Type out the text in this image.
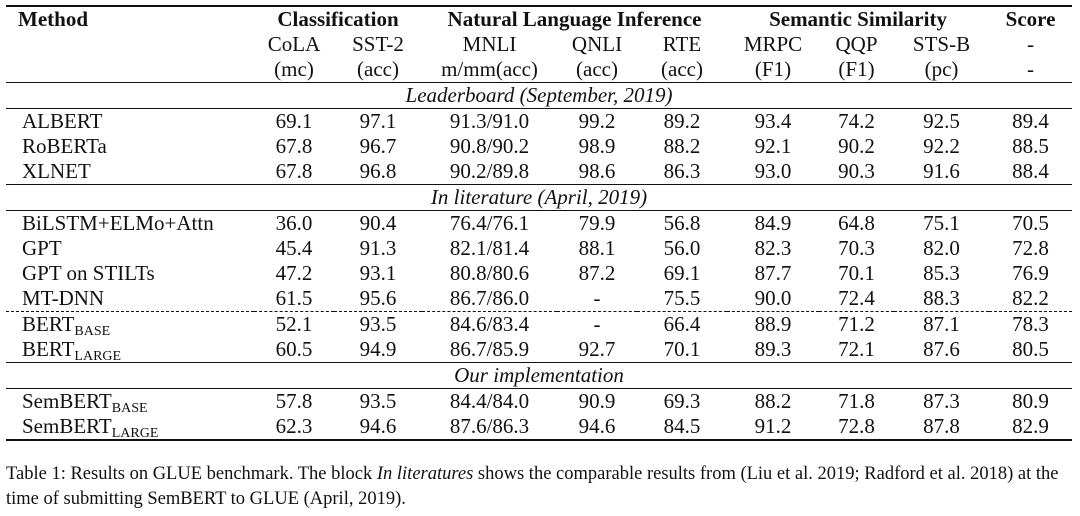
Method	Classification		Natural Language Inference			Semantic Similarity			Score
	CoLA	SST-2	MNLI	QNLI	RTE	MRPC	QQP	STS-B	-
	(mc)	(acc)	m/mm(acc)	(acc)	(acc)	(F1)	(F1)	(pc)	-
Leaderboard (September, 2019)									
ALBERT	69.1	97.1	91.3/91.0	99.2	89.2	93.4	74.2	92.5	89.4
RoBERTa	67.8	96.7	90.8/90.2	98.9	88.2	92.1	90.2	92.2	88.5
XLNET	67.8	96.8	90.2/89.8	98.6	86.3	93.0	90.3	91.6	88.4
In literature (April, 2019)									
BiLSTM+ELMo+Attn	36.0	90.4	76.4/76.1	79.9	56.8	84.9	64.8	75.1	70.5
GPT	45.4	91.3	82.1/81.4	88.1	56.0	82.3	70.3	82.0	72.8
GPT on STILTs	47.2	93.1	80.8/80.6	87.2	69.1	87.7	70.1	85.3	76.9
MT-DNN	61.5	95.6	86.7/86.0	-	75.5	90.0	72.4	88.3	82.2
$BERT_{BASE}$	52.1	93.5	84.6/83.4	-	66.4	88.9	71.2	87.1	78.3
$BERT_{LARGE}$	60.5	94.9	86.7/85.9	92.7	70.1	89.3	72.1	87.6	80.5
Our implementation									
SemBERT$_{BASE}$	57.8	93.5	84.4/84.0	90.9	69.3	88.2	71.8	87.3	80.9
SemBERT$_{LARGE}$	62.3	94.6	87.6/86.3	94.6	84.5	91.2	72.8	87.8	82.9
Table 1: Results on GLUE benchmark. The block In literatures shows the comparable results from (Liu et al. 2019; Radford et al. 2018) at the time of submitting SemBERT to GLUE (April, 2019).
